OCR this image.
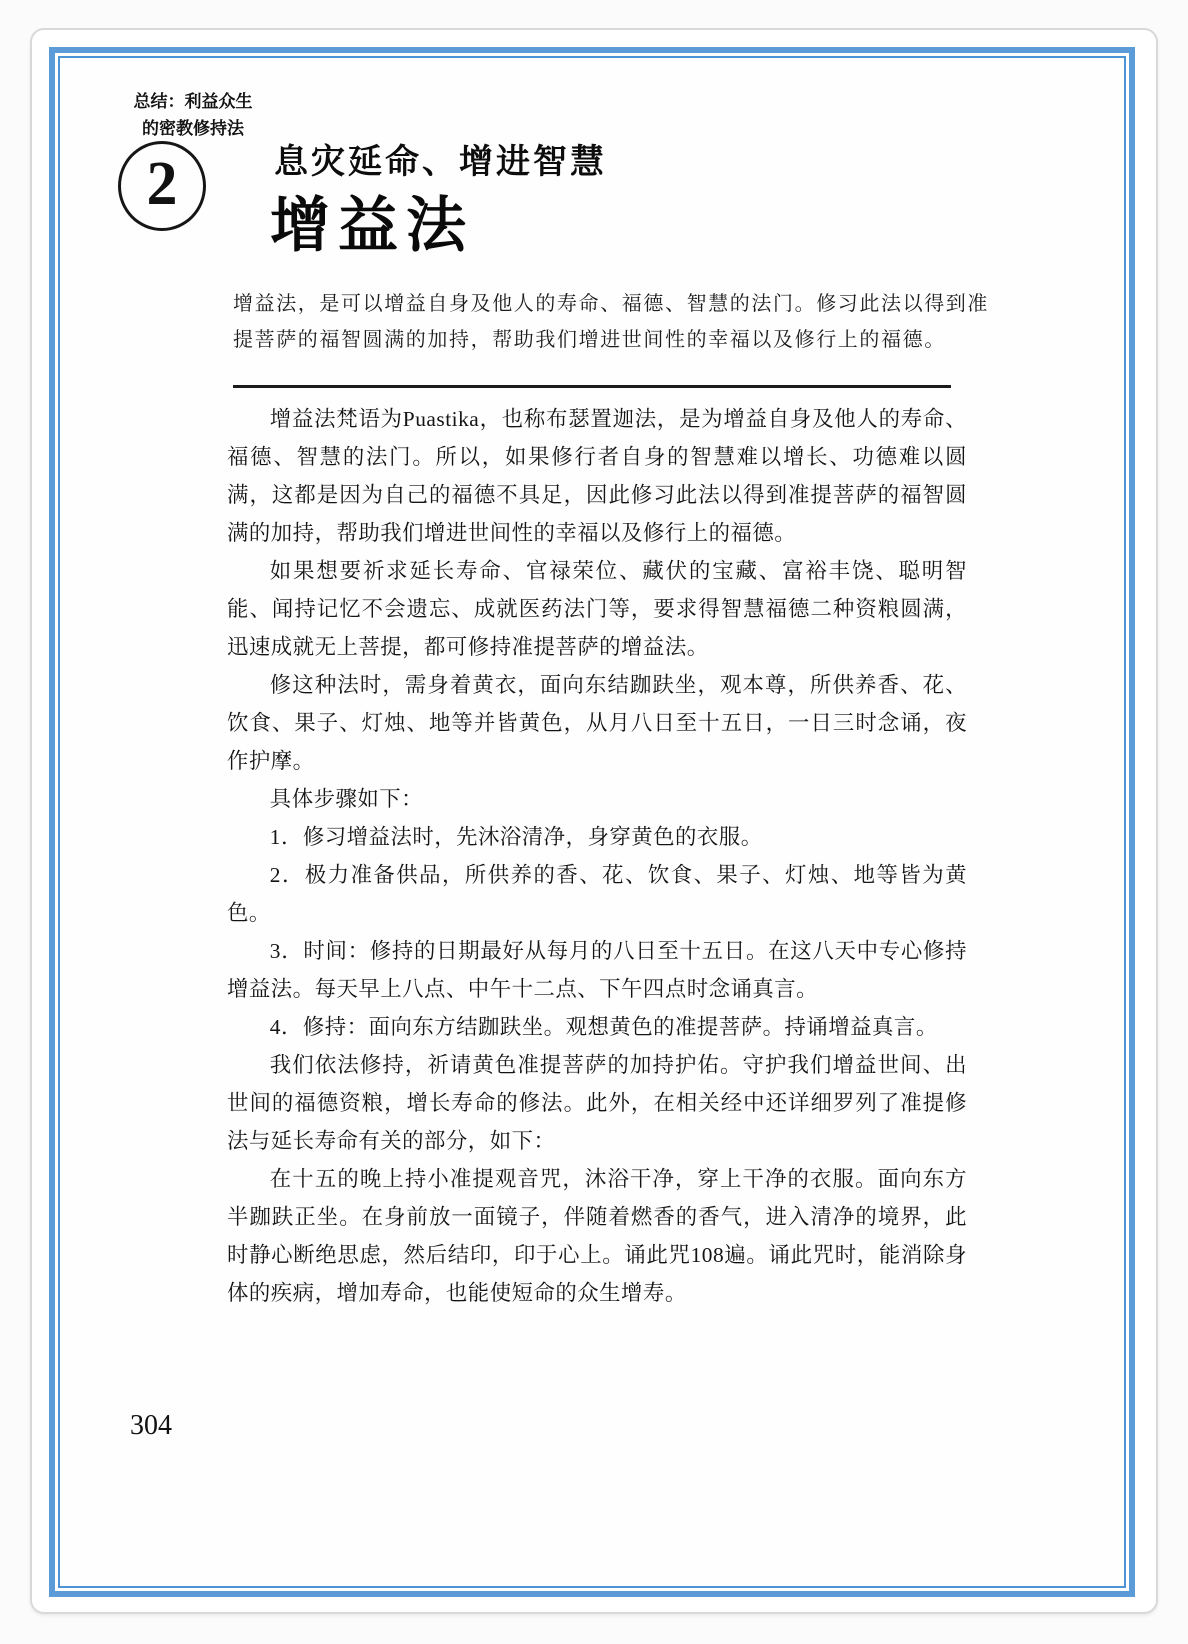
总结：利益众生
的密教修持法
2	息灾延命、增进智慧
增益法

增益法，是可以增益自身及他人的寿命、福德、智慧的法门。修习此法以得到准提菩萨的福智圆满的加持，帮助我们增进世间性的幸福以及修行上的福德。

增益法梵语为Puastika，也称布瑟置迦法，是为增益自身及他人的寿命、福德、智慧的法门。所以，如果修行者自身的智慧难以增长、功德难以圆满，这都是因为自己的福德不具足，因此修习此法以得到准提菩萨的福智圆满的加持，帮助我们增进世间性的幸福以及修行上的福德。

如果想要祈求延长寿命、官禄荣位、藏伏的宝藏、富裕丰饶、聪明智能、闻持记忆不会遗忘、成就医药法门等，要求得智慧福德二种资粮圆满，迅速成就无上菩提，都可修持准提菩萨的增益法。

修这种法时，需身着黄衣，面向东结跏趺坐，观本尊，所供养香、花、饮食、果子、灯烛、地等并皆黄色，从月八日至十五日，一日三时念诵，夜作护摩。

具体步骤如下：

1．修习增益法时，先沐浴清净，身穿黄色的衣服。

2．极力准备供品，所供养的香、花、饮食、果子、灯烛、地等皆为黄色。

3．时间：修持的日期最好从每月的八日至十五日。在这八天中专心修持增益法。每天早上八点、中午十二点、下午四点时念诵真言。

4．修持：面向东方结跏趺坐。观想黄色的准提菩萨。持诵增益真言。

我们依法修持，祈请黄色准提菩萨的加持护佑。守护我们增益世间、出世间的福德资粮，增长寿命的修法。此外，在相关经中还详细罗列了准提修法与延长寿命有关的部分，如下：

在十五的晚上持小准提观音咒，沐浴干净，穿上干净的衣服。面向东方半跏趺正坐。在身前放一面镜子，伴随着燃香的香气，进入清净的境界，此时静心断绝思虑，然后结印，印于心上。诵此咒108遍。诵此咒时，能消除身体的疾病，增加寿命，也能使短命的众生增寿。

304
